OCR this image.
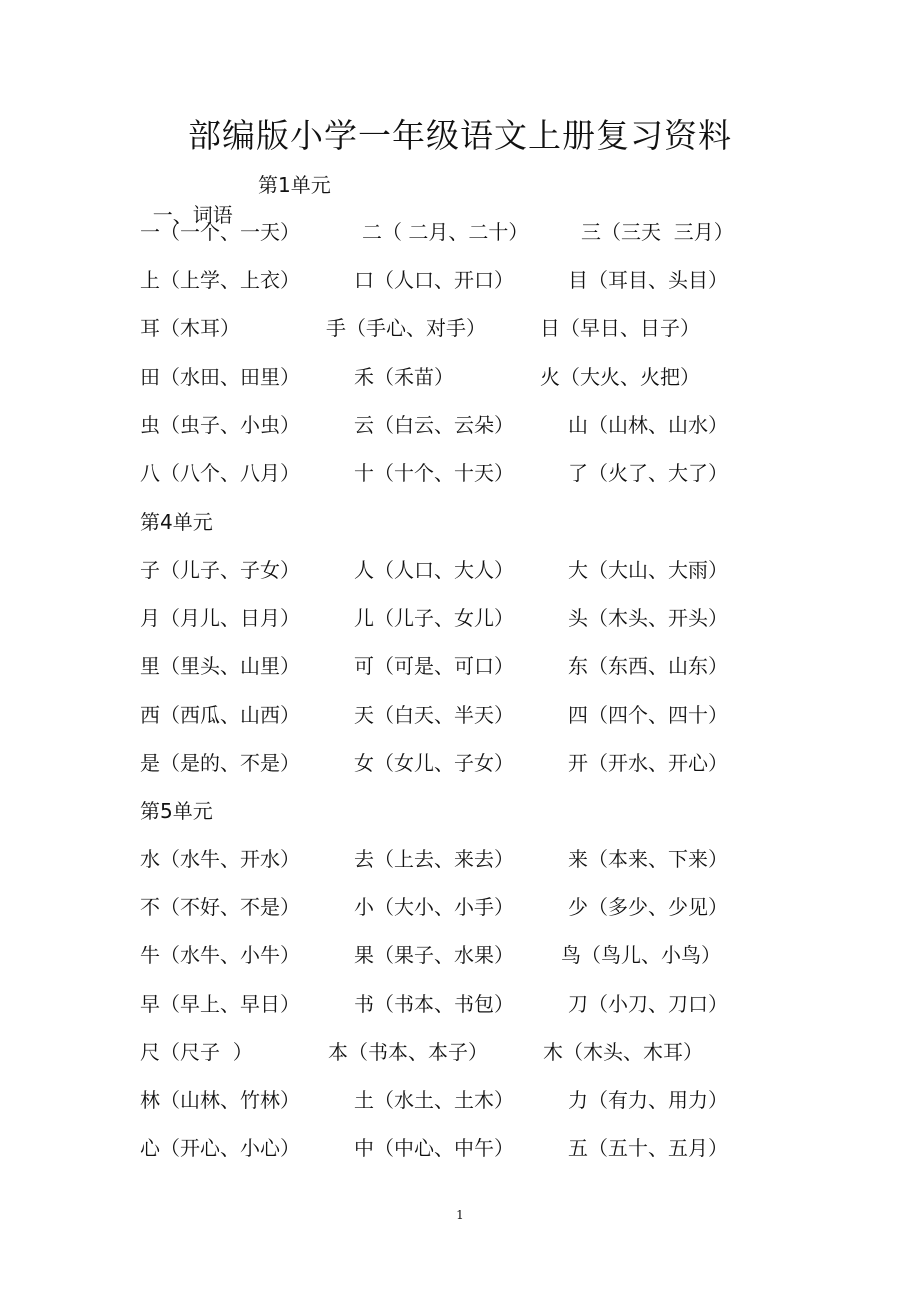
部编版小学一年级语文上册复习资料

一、词语

第1单元
一（一个、一天）	二（ 二月、二十）	三（三天  三月）
上（上学、上衣）	口（人口、开口）	目（耳目、头目）
耳（木耳）	手（手心、对手）	日（早日、日子）
田（水田、田里）	禾（禾苗）	火（大火、火把）
虫（虫子、小虫）	云（白云、云朵）	山（山林、山水）
八（八个、八月）	十（十个、十天）	了（火了、大了）
第4单元
子（儿子、子女）	人（人口、大人）	大（大山、大雨）
月（月儿、日月）	儿（儿子、女儿）	头（木头、开头）
里（里头、山里）	可（可是、可口）	东（东西、山东）
西（西瓜、山西）	天（白天、半天）	四（四个、四十）
是（是的、不是）	女（女儿、子女）	开（开水、开心）
第5单元
水（水牛、开水）	去（上去、来去）	来（本来、下来）
不（不好、不是）	小（大小、小手）	少（多少、少见）
牛（水牛、小牛）	果（果子、水果） 鸟（鸟儿、小鸟）
早（早上、早日）	书（书本、书包）	刀（小刀、刀口）
尺（尺子  ）	本（书本、本子）	木（木头、木耳）
林（山林、竹林）	土（水土、土木）	力（有力、用力）
心（开心、小心）	中（中心、中午）	五（五十、五月）
1
